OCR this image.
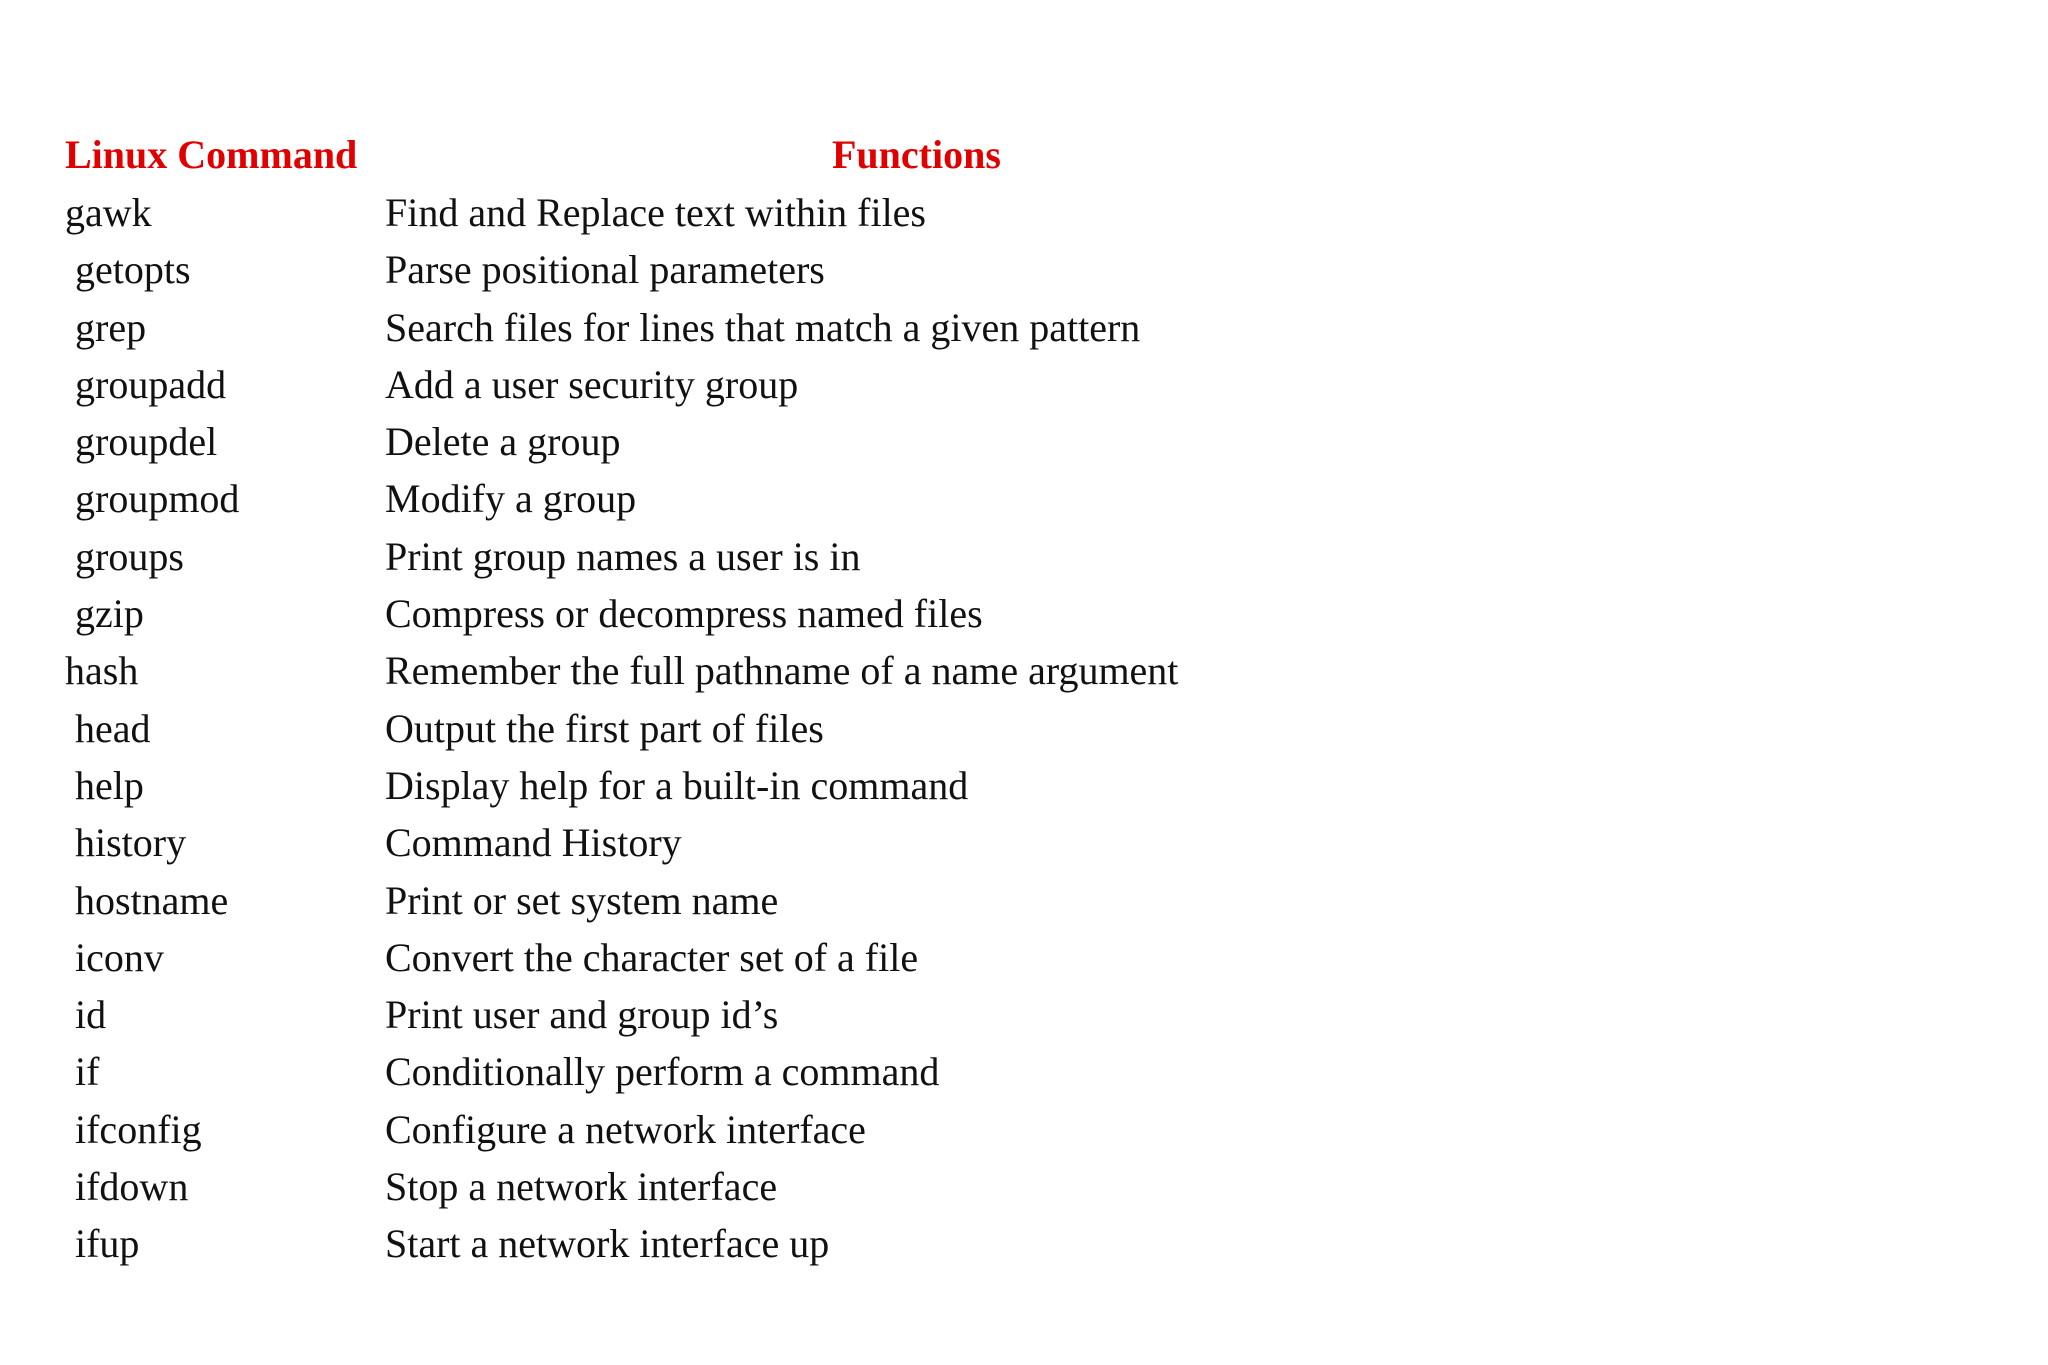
Linux Command	Functions
gawk	Find and Replace text within files
getopts	Parse positional parameters
grep	Search files for lines that match a given pattern
groupadd	Add a user security group
groupdel	Delete a group
groupmod	Modify a group
groups	Print group names a user is in
gzip	Compress or decompress named files
hash	Remember the full pathname of a name argument
head	Output the first part of files
help	Display help for a built-in command
history	Command History
hostname	Print or set system name
iconv	Convert the character set of a file
id	Print user and group id’s
if	Conditionally perform a command
ifconfig	Configure a network interface
ifdown	Stop a network interface
ifup	Start a network interface up
